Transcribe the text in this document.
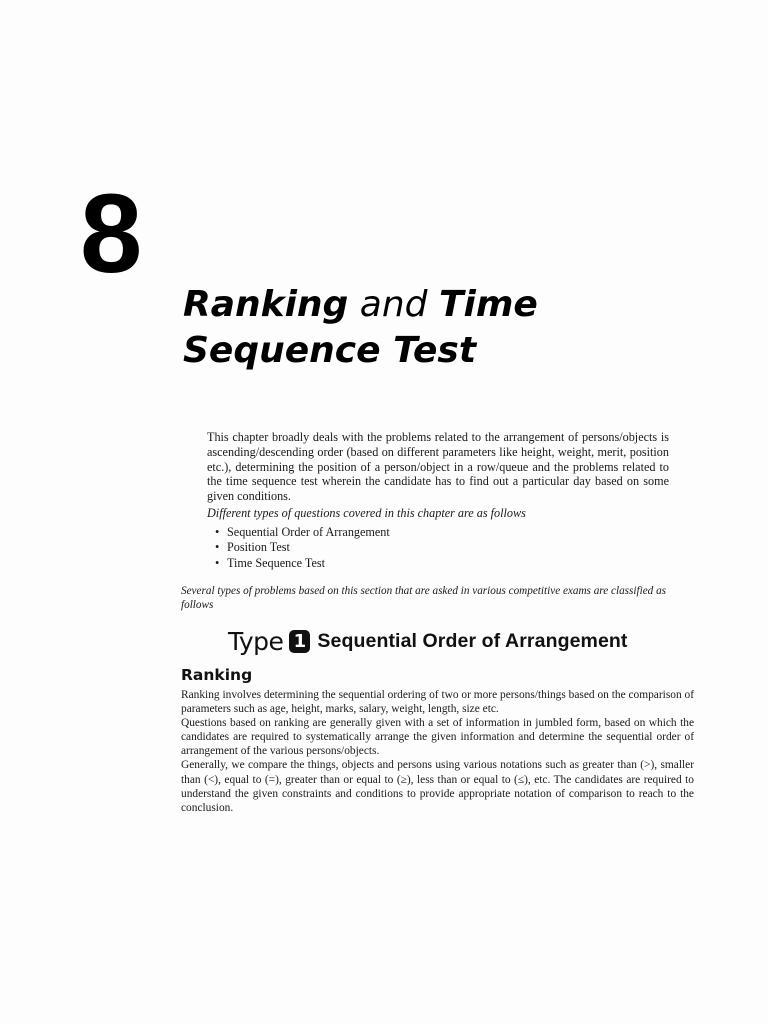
8
Ranking and Time
Sequence Test

This chapter broadly deals with the problems related to the arrangement of persons/objects is ascending/descending order (based on different parameters like height, weight, merit, position etc.), determining the position of a person/object in a row/queue and the problems related to the time sequence test wherein the candidate has to find out a particular day based on some given conditions.

Different types of questions covered in this chapter are as follows

• Sequential Order of Arrangement
• Position Test
• Time Sequence Test
Several types of problems based on this section that are asked in various competitive exams are classified as follows
Type 1 Sequential Order of Arrangement
Ranking

Ranking involves determining the sequential ordering of two or more persons/things based on the comparison of parameters such as age, height, marks, salary, weight, length, size etc.

Questions based on ranking are generally given with a set of information in jumbled form, based on which the candidates are required to systematically arrange the given information and determine the sequential order of arrangement of the various persons/objects.

Generally, we compare the things, objects and persons using various notations such as greater than (>), smaller than (<), equal to (=), greater than or equal to (≥), less than or equal to (≤), etc. The candidates are required to understand the given constraints and conditions to provide appropriate notation of comparison to reach to the conclusion.
